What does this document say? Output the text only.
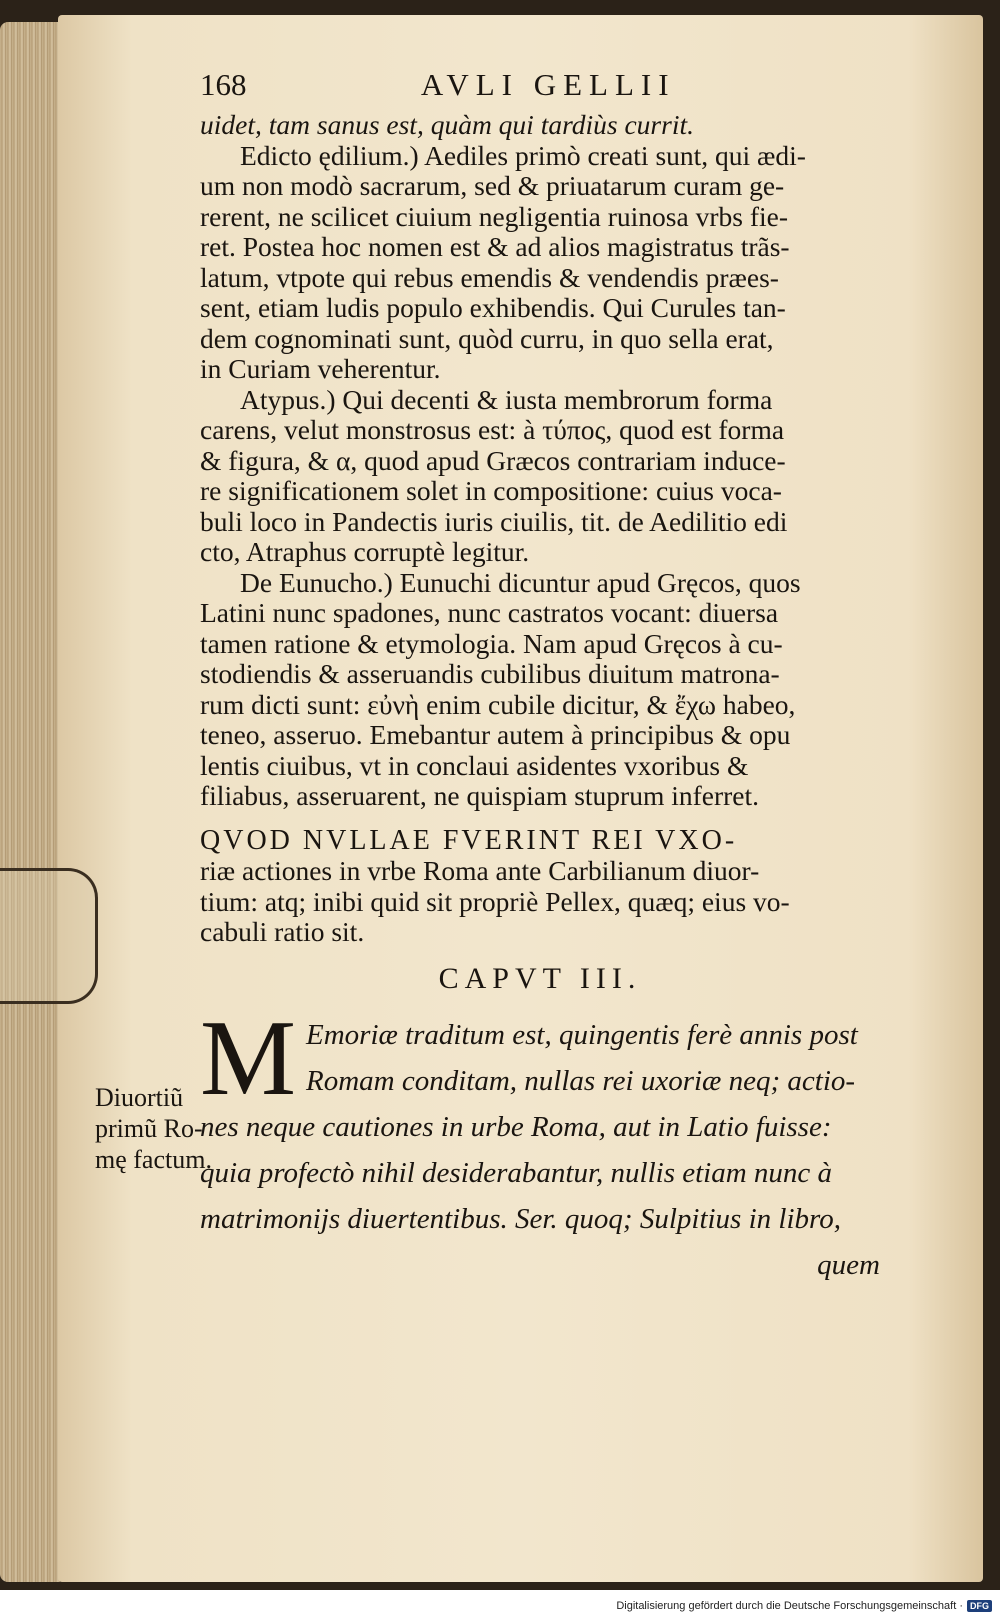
168	AVLI GELLII
uidet, tam sanus est, quàm qui tardiùs currit.
Edicto ędilium.) Aediles primò creati sunt, qui ædi-
um non modò sacrarum, sed & priuatarum curam ge-
rerent, ne scilicet ciuium negligentia ruinosa vrbs fie-
ret. Postea hoc nomen est & ad alios magistratus trãs-
latum, vtpote qui rebus emendis & vendendis præes-
sent, etiam ludis populo exhibendis. Qui Curules tan-
dem cognominati sunt, quòd curru, in quo sella erat,
in Curiam veherentur.
Atypus.) Qui decenti & iusta membrorum forma
carens, velut monstrosus est: à τύπος, quod est forma
& figura, & α, quod apud Græcos contrariam induce-
re significationem solet in compositione: cuius voca-
buli loco in Pandectis iuris ciuilis, tit. de Aedilitio edi
cto, Atraphus corruptè legitur.
De Eunucho.) Eunuchi dicuntur apud Gręcos, quos
Latini nunc spadones, nunc castratos vocant: diuersa
tamen ratione & etymologia. Nam apud Gręcos à cu-
stodiendis & asseruandis cubilibus diuitum matrona-
rum dicti sunt: εὐνὴ enim cubile dicitur, & ἔχω habeo,
teneo, asseruo. Emebantur autem à principibus & opu
lentis ciuibus, vt in conclaui asidentes vxoribus &
filiabus, asseruarent, ne quispiam stuprum inferret.
QVOD NVLLAE FVERINT REI VXO-
riæ actiones in vrbe Roma ante Carbilianum diuor-
tium: atq; inibi quid sit propriè Pellex, quæq; eius vo-
cabuli ratio sit.
CAPVT III.
M Emoriæ traditum est, quingentis ferè annis post
Romam conditam, nullas rei uxoriæ neq; actio-
nes neque cautiones in urbe Roma, aut in Latio fuisse:
quia profectò nihil desiderabantur, nullis etiam nunc à
matrimonijs diuertentibus. Ser. quoq; Sulpitius in libro,
quem
Diuortiũ
primũ Ro-
mę factum.
Digitalisierung gefördert durch die Deutsche Forschungsgemeinschaft · DFG
